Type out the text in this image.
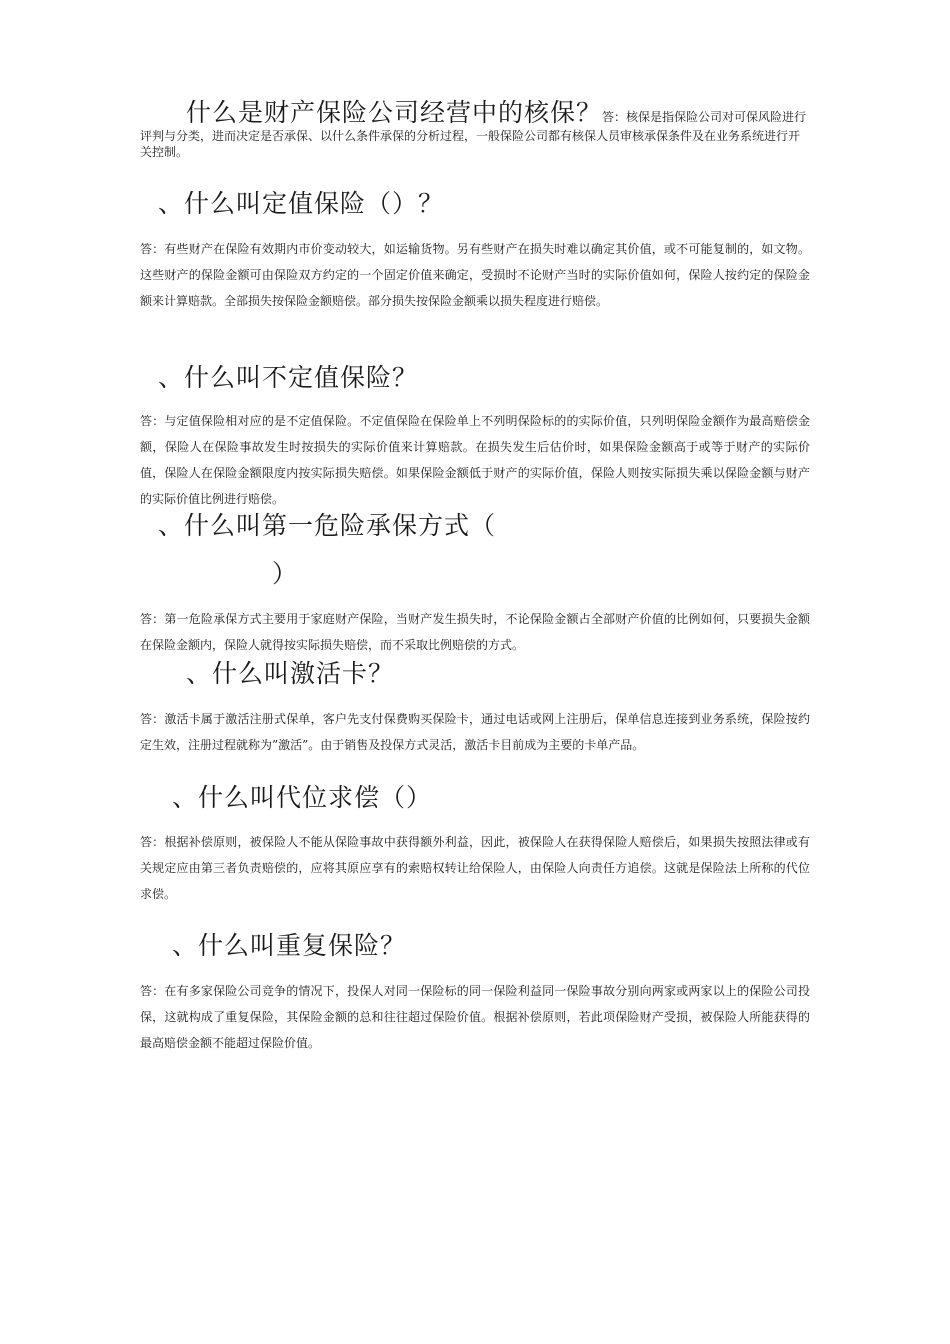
什么是财产保险公司经营中的核保？答：核保是指保险公司对可保风险进行评判与分类，进而决定是否承保、以什么条件承保的分析过程，一般保险公司都有核保人员审核承保条件及在业务系统进行开关控制。
、什么叫定值保险（）？

答：有些财产在保险有效期内市价变动较大，如运输货物。另有些财产在损失时难以确定其价值，或不可能复制的，如文物。这些财产的保险金额可由保险双方约定的一个固定价值来确定，受损时不论财产当时的实际价值如何，保险人按约定的保险金额来计算赔款。全部损失按保险金额赔偿。部分损失按保险金额乘以损失程度进行赔偿。

、什么叫不定值保险？

答：与定值保险相对应的是不定值保险。不定值保险在保险单上不列明保险标的的实际价值，只列明保险金额作为最高赔偿金额，保险人在保险事故发生时按损失的实际价值来计算赔款。在损失发生后估价时，如果保险金额高于或等于财产的实际价值，保险人在保险金额限度内按实际损失赔偿。如果保险金额低于财产的实际价值，保险人则按实际损失乘以保险金额与财产的实际价值比例进行赔偿。

、什么叫第一危险承保方式（
）

答：第一危险承保方式主要用于家庭财产保险，当财产发生损失时，不论保险金额占全部财产价值的比例如何，只要损失金额在保险金额内，保险人就得按实际损失赔偿，而不采取比例赔偿的方式。

、什么叫激活卡？

答：激活卡属于激活注册式保单，客户先支付保费购买保险卡，通过电话或网上注册后，保单信息连接到业务系统，保险按约定生效，注册过程就称为”激活”。由于销售及投保方式灵活，激活卡目前成为主要的卡单产品。

、什么叫代位求偿（）

答：根据补偿原则，被保险人不能从保险事故中获得额外利益，因此，被保险人在获得保险人赔偿后，如果损失按照法律或有关规定应由第三者负责赔偿的，应将其原应享有的索赔权转让给保险人，由保险人向责任方追偿。这就是保险法上所称的代位求偿。

、什么叫重复保险？

答：在有多家保险公司竞争的情况下，投保人对同一保险标的同一保险利益同一保险事故分别向两家或两家以上的保险公司投保，这就构成了重复保险，其保险金额的总和往往超过保险价值。根据补偿原则，若此项保险财产受损，被保险人所能获得的最高赔偿金额不能超过保险价值。
